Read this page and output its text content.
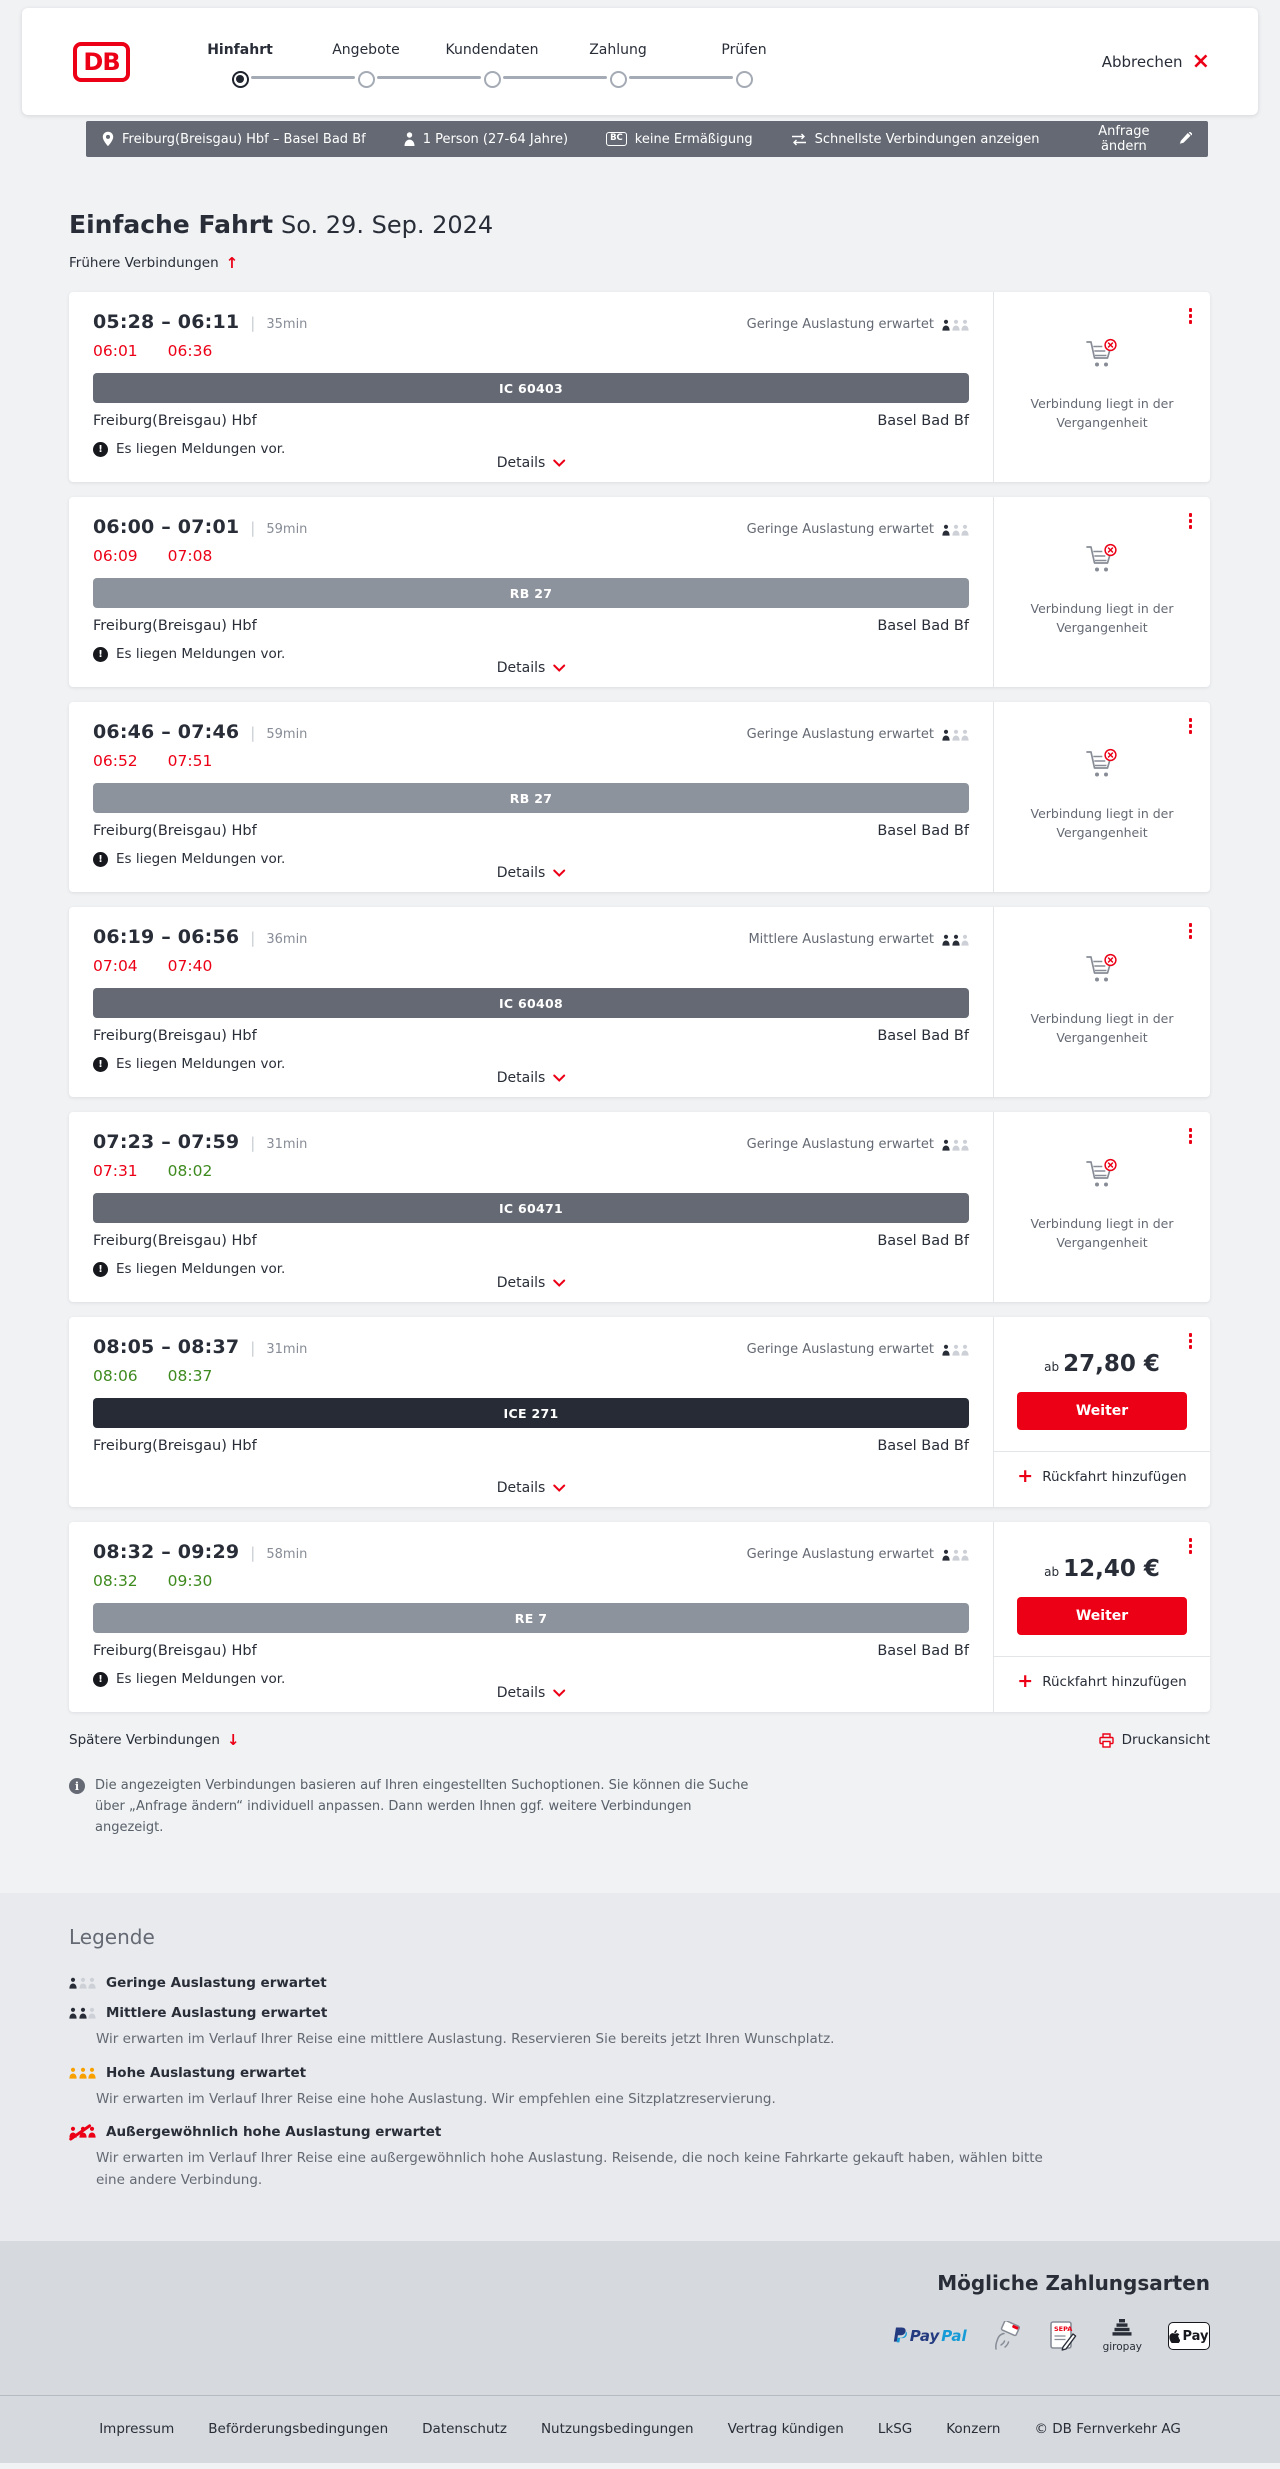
DB	Hinfahrt	Angebote	Kundendaten	Zahlung	Prüfen
Abbrechen ×
Freiburg(Breisgau) Hbf – Basel Bad Bf	1 Person (27-64 Jahre)	BC keine Ermäßigung	Schnellste Verbindungen anzeigen	Anfrage ändern
Einfache Fahrt So. 29. Sep. 2024
Frühere Verbindungen ↑
05:28 – 06:11 | 35min	Geringe Auslastung erwartet
06:01 06:36
IC 60403
Freiburg(Breisgau) Hbf	Basel Bad Bf
! Es liegen Meldungen vor.
Details
Verbindung liegt in der Vergangenheit
06:00 – 07:01 | 59min	Geringe Auslastung erwartet
06:09 07:08
RB 27
Freiburg(Breisgau) Hbf	Basel Bad Bf
! Es liegen Meldungen vor.
Details
Verbindung liegt in der Vergangenheit
06:46 – 07:46 | 59min	Geringe Auslastung erwartet
06:52 07:51
RB 27
Freiburg(Breisgau) Hbf	Basel Bad Bf
! Es liegen Meldungen vor.
Details
Verbindung liegt in der Vergangenheit
06:19 – 06:56 | 36min	Mittlere Auslastung erwartet
07:04 07:40
IC 60408
Freiburg(Breisgau) Hbf	Basel Bad Bf
! Es liegen Meldungen vor.
Details
Verbindung liegt in der Vergangenheit
07:23 – 07:59 | 31min	Geringe Auslastung erwartet
07:31 08:02
IC 60471
Freiburg(Breisgau) Hbf	Basel Bad Bf
! Es liegen Meldungen vor.
Details
Verbindung liegt in der Vergangenheit
08:05 – 08:37 | 31min	Geringe Auslastung erwartet
08:06 08:37
ICE 271
Freiburg(Breisgau) Hbf	Basel Bad Bf
Details
ab 27,80 €
Weiter
+ Rückfahrt hinzufügen
08:32 – 09:29 | 58min	Geringe Auslastung erwartet
08:32 09:30
RE 7
Freiburg(Breisgau) Hbf	Basel Bad Bf
! Es liegen Meldungen vor.
Details
ab 12,40 €
Weiter
+ Rückfahrt hinzufügen
Spätere Verbindungen ↓	Druckansicht
i	Die angezeigten Verbindungen basieren auf Ihren eingestellten Suchoptionen. Sie können die Suche über „Anfrage ändern“ individuell anpassen. Dann werden Ihnen ggf. weitere Verbindungen angezeigt.

Legende
Geringe Auslastung erwartet
Mittlere Auslastung erwartet

Wir erwarten im Verlauf Ihrer Reise eine mittlere Auslastung. Reservieren Sie bereits jetzt Ihren Wunschplatz.

Hohe Auslastung erwartet

Wir erwarten im Verlauf Ihrer Reise eine hohe Auslastung. Wir empfehlen eine Sitzplatzreservierung.

Außergewöhnlich hohe Auslastung erwartet

Wir erwarten im Verlauf Ihrer Reise eine außergewöhnlich hohe Auslastung. Reisende, die noch keine Fahrkarte gekauft haben, wählen bitte eine andere Verbindung.

Mögliche Zahlungsarten
Pay Pal	SEPA
giropay
Pay
Impressum	Beförderungsbedingungen	Datenschutz	Nutzungsbedingungen	Vertrag kündigen	LkSG	Konzern	© DB Fernverkehr AG
